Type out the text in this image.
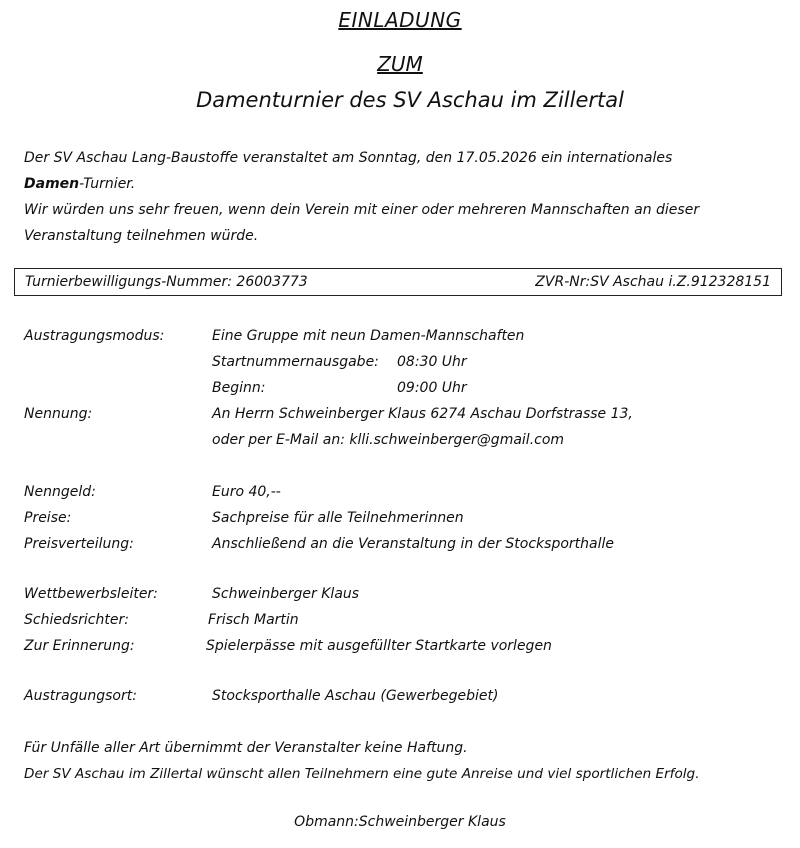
EINLADUNG
ZUM
Damenturnier des SV Aschau im Zillertal
Der SV Aschau Lang-Baustoffe veranstaltet am Sonntag, den 17.05.2026 ein internationales
Damen-Turnier.
Wir würden uns sehr freuen, wenn dein Verein mit einer oder mehreren Mannschaften an dieser
Veranstaltung teilnehmen würde.
Turnierbewilligungs-Nummer: 26003773	ZVR-Nr:SV Aschau i.Z.912328151
Austragungsmodus:	Eine Gruppe mit neun Damen-Mannschaften
Startnummernausgabe: 08:30 Uhr
Beginn:	09:00 Uhr
Nennung:	An Herrn Schweinberger Klaus 6274 Aschau Dorfstrasse 13,
oder per E-Mail an: klli.schweinberger@gmail.com
Nenngeld:	Euro 40,--
Preise:	Sachpreise für alle Teilnehmerinnen
Preisverteilung:	Anschließend an die Veranstaltung in der Stocksporthalle
Wettbewerbsleiter:	Schweinberger Klaus
Schiedsrichter:	Frisch Martin
Zur Erinnerung:	Spielerpässe mit ausgefüllter Startkarte vorlegen
Austragungsort:	Stocksporthalle Aschau (Gewerbegebiet)
Für Unfälle aller Art übernimmt der Veranstalter keine Haftung.
Der SV Aschau im Zillertal wünscht allen Teilnehmern eine gute Anreise und viel sportlichen Erfolg.
Obmann:Schweinberger Klaus
